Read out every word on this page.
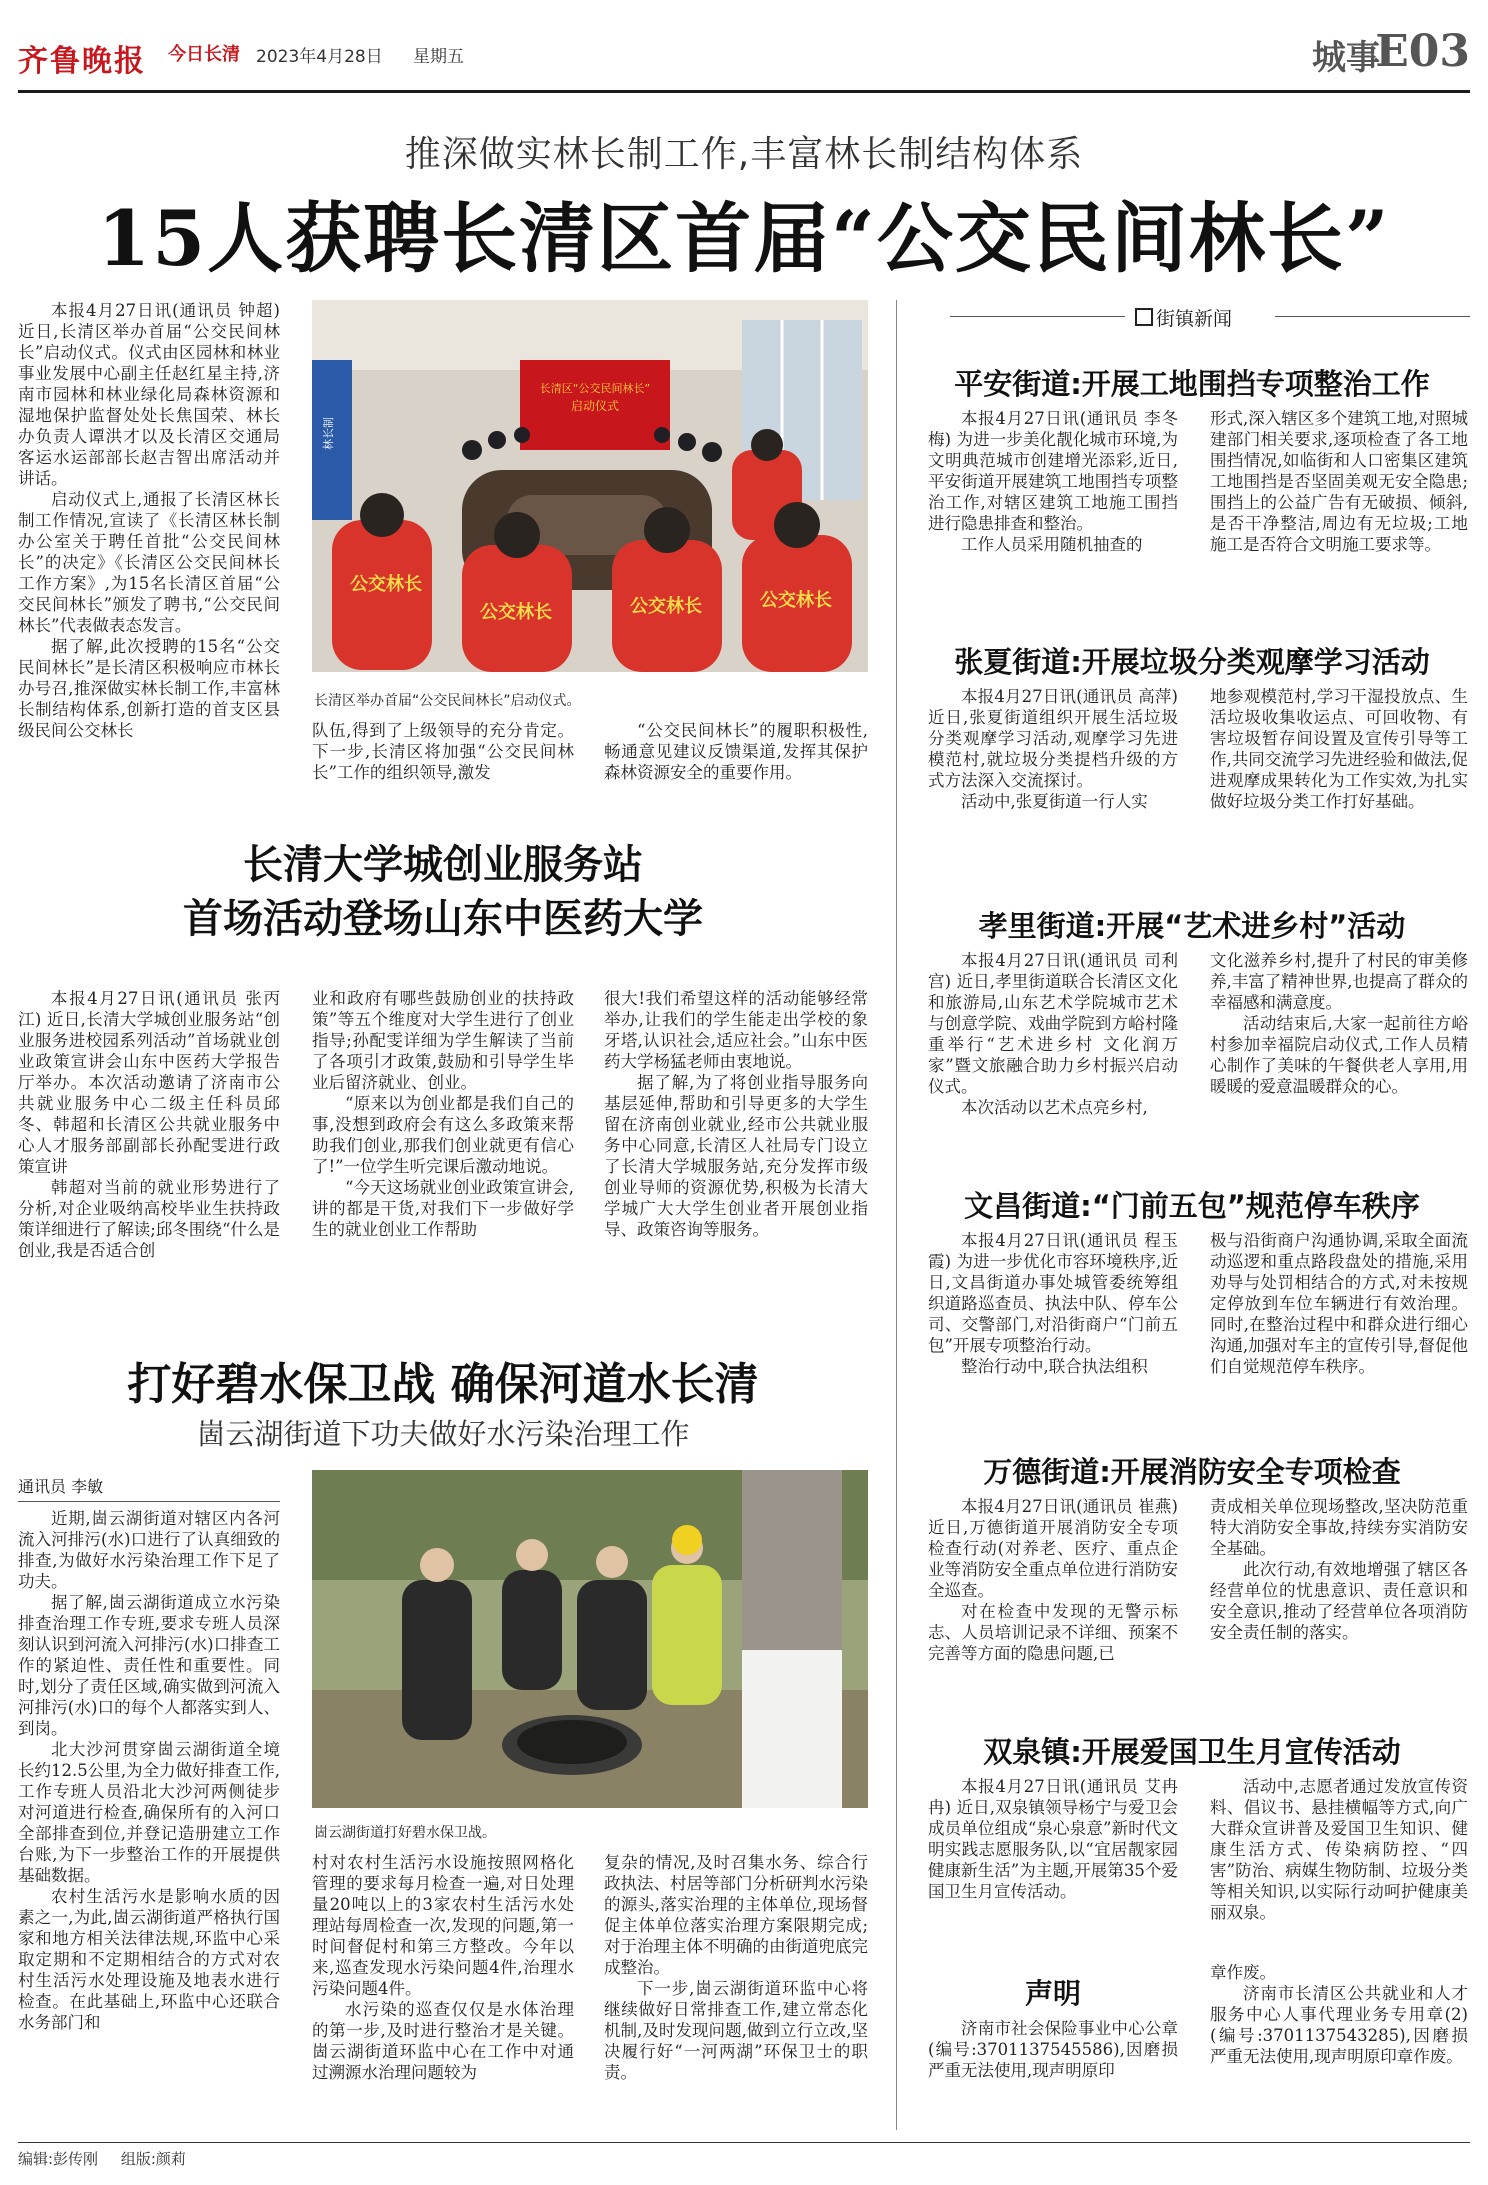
齐鲁晚报 今日长清 2023年4月28日 星期五	城事
E03
推深做实林长制工作,丰富林长制结构体系
15人获聘长清区首届“公交民间林长”

本报4月27日讯(通讯员 钟超) 近日,长清区举办首届“公交民间林长”启动仪式。仪式由区园林和林业事业发展中心副主任赵红星主持,济南市园林和林业绿化局森林资源和湿地保护监督处处长焦国荣、林长办负责人谭洪才以及长清区交通局客运水运部部长赵吉智出席活动并讲话。

启动仪式上,通报了长清区林长制工作情况,宣读了《长清区林长制办公室关于聘任首批“公交民间林长”的决定》《长清区公交民间林长工作方案》,为15名长清区首届“公交民间林长”颁发了聘书,“公交民间林长”代表做表态发言。

据了解,此次授聘的15名“公交民间林长”是长清区积极响应市林长办号召,推深做实林长制工作,丰富林长制结构体系,创新打造的首支区县级民间公交林长

长清区“公交民间林长”
启动仪式
林长制
公交林长
公交林长	公交林长	公交林长
长清区举办首届“公交民间林长”启动仪式。

队伍,得到了上级领导的充分肯定。下一步,长清区将加强“公交民间林长”工作的组织领导,激发

“公交民间林长”的履职积极性,畅通意见建议反馈渠道,发挥其保护森林资源安全的重要作用。

长清大学城创业服务站
首场活动登场山东中医药大学

本报4月27日讯(通讯员 张丙江) 近日,长清大学城创业服务站“创业服务进校园系列活动”首场就业创业政策宣讲会山东中医药大学报告厅举办。本次活动邀请了济南市公共就业服务中心二级主任科员邱冬、韩超和长清区公共就业服务中心人才服务部副部长孙配雯进行政策宣讲

韩超对当前的就业形势进行了分析,对企业吸纳高校毕业生扶持政策详细进行了解读;邱冬围绕“什么是创业,我是否适合创

业和政府有哪些鼓励创业的扶持政策”等五个维度对大学生进行了创业指导;孙配雯详细为学生解读了当前了各项引才政策,鼓励和引导学生毕业后留济就业、创业。

“原来以为创业都是我们自己的事,没想到政府会有这么多政策来帮助我们创业,那我们创业就更有信心了!”一位学生听完课后激动地说。

“今天这场就业创业政策宣讲会,讲的都是干货,对我们下一步做好学生的就业创业工作帮助

很大!我们希望这样的活动能够经常举办,让我们的学生能走出学校的象牙塔,认识社会,适应社会。”山东中医药大学杨猛老师由衷地说。

据了解,为了将创业指导服务向基层延伸,帮助和引导更多的大学生留在济南创业就业,经市公共就业服务中心同意,长清区人社局专门设立了长清大学城服务站,充分发挥市级创业导师的资源优势,积极为长清大学城广大大学生创业者开展创业指导、政策咨询等服务。

打好碧水保卫战 确保河道水长清
崮云湖街道下功夫做好水污染治理工作
通讯员 李敏

近期,崮云湖街道对辖区内各河流入河排污(水)口进行了认真细致的排查,为做好水污染治理工作下足了功夫。

据了解,崮云湖街道成立水污染排查治理工作专班,要求专班人员深刻认识到河流入河排污(水)口排查工作的紧迫性、责任性和重要性。同时,划分了责任区域,确实做到河流入河排污(水)口的每个人都落实到人、到岗。

北大沙河贯穿崮云湖街道全境长约12.5公里,为全力做好排查工作,工作专班人员沿北大沙河两侧徒步对河道进行检查,确保所有的入河口全部排查到位,并登记造册建立工作台账,为下一步整治工作的开展提供基础数据。

农村生活污水是影响水质的因素之一,为此,崮云湖街道严格执行国家和地方相关法律法规,环监中心采取定期和不定期相结合的方式对农村生活污水处理设施及地表水进行检查。在此基础上,环监中心还联合水务部门和

崮云湖街道打好碧水保卫战。

村对农村生活污水设施按照网格化管理的要求每月检查一遍,对日处理量20吨以上的3家农村生活污水处理站每周检查一次,发现的问题,第一时间督促村和第三方整改。今年以来,巡查发现水污染问题4件,治理水污染问题4件。

水污染的巡查仅仅是水体治理的第一步,及时进行整治才是关键。崮云湖街道环监中心在工作中对通过溯源水治理问题较为

复杂的情况,及时召集水务、综合行政执法、村居等部门分析研判水污染的源头,落实治理的主体单位,现场督促主体单位落实治理方案限期完成;对于治理主体不明确的由街道兜底完成整治。

下一步,崮云湖街道环监中心将继续做好日常排查工作,建立常态化机制,及时发现问题,做到立行立改,坚决履行好“一河两湖”环保卫士的职责。

街镇新闻
平安街道:开展工地围挡专项整治工作

本报4月27日讯(通讯员 李冬梅) 为进一步美化靓化城市环境,为文明典范城市创建增光添彩,近日,平安街道开展建筑工地围挡专项整治工作,对辖区建筑工地施工围挡进行隐患排查和整治。

工作人员采用随机抽查的

形式,深入辖区多个建筑工地,对照城建部门相关要求,逐项检查了各工地围挡情况,如临街和人口密集区建筑工地围挡是否坚固美观无安全隐患;围挡上的公益广告有无破损、倾斜,是否干净整洁,周边有无垃圾;工地施工是否符合文明施工要求等。

张夏街道:开展垃圾分类观摩学习活动

本报4月27日讯(通讯员 高萍) 近日,张夏街道组织开展生活垃圾分类观摩学习活动,观摩学习先进模范村,就垃圾分类提档升级的方式方法深入交流探讨。

活动中,张夏街道一行人实

地参观模范村,学习干湿投放点、生活垃圾收集收运点、可回收物、有害垃圾暂存间设置及宣传引导等工作,共同交流学习先进经验和做法,促进观摩成果转化为工作实效,为扎实做好垃圾分类工作打好基础。

孝里街道:开展“艺术进乡村”活动

本报4月27日讯(通讯员 司利宫) 近日,孝里街道联合长清区文化和旅游局,山东艺术学院城市艺术与创意学院、戏曲学院到方峪村隆重举行“艺术进乡村 文化润万家”暨文旅融合助力乡村振兴启动仪式。

本次活动以艺术点亮乡村,

文化滋养乡村,提升了村民的审美修养,丰富了精神世界,也提高了群众的幸福感和满意度。

活动结束后,大家一起前往方峪村参加幸福院启动仪式,工作人员精心制作了美味的午餐供老人享用,用暖暖的爱意温暖群众的心。

文昌街道:“门前五包”规范停车秩序

本报4月27日讯(通讯员 程玉霞) 为进一步优化市容环境秩序,近日,文昌街道办事处城管委统筹组织道路巡查员、执法中队、停车公司、交警部门,对沿街商户“门前五包”开展专项整治行动。

整治行动中,联合执法组积

极与沿街商户沟通协调,采取全面流动巡逻和重点路段盘处的措施,采用劝导与处罚相结合的方式,对未按规定停放到车位车辆进行有效治理。同时,在整治过程中和群众进行细心沟通,加强对车主的宣传引导,督促他们自觉规范停车秩序。

万德街道:开展消防安全专项检查

本报4月27日讯(通讯员 崔燕) 近日,万德街道开展消防安全专项检查行动(对养老、医疗、重点企业等消防安全重点单位进行消防安全巡查。

对在检查中发现的无警示标志、人员培训记录不详细、预案不完善等方面的隐患问题,已

责成相关单位现场整改,坚决防范重特大消防安全事故,持续夯实消防安全基础。

此次行动,有效地增强了辖区各经营单位的忧患意识、责任意识和安全意识,推动了经营单位各项消防安全责任制的落实。

双泉镇:开展爱国卫生月宣传活动

本报4月27日讯(通讯员 艾冉冉) 近日,双泉镇领导杨宁与爱卫会成员单位组成“泉心泉意”新时代文明实践志愿服务队,以“宜居靓家园 健康新生活”为主题,开展第35个爱国卫生月宣传活动。

活动中,志愿者通过发放宣传资料、倡议书、悬挂横幅等方式,向广大群众宣讲普及爱国卫生知识、健康生活方式、传染病防控、“四害”防治、病媒生物防制、垃圾分类等相关知识,以实际行动呵护健康美丽双泉。

声明

济南市社会保险事业中心公章(编号:3701137545586),因磨损严重无法使用,现声明原印

章作废。

济南市长清区公共就业和人才服务中心人事代理业务专用章(2)(编号:3701137543285),因磨损严重无法使用,现声明原印章作废。

编辑:彭传刚 组版:颜莉
